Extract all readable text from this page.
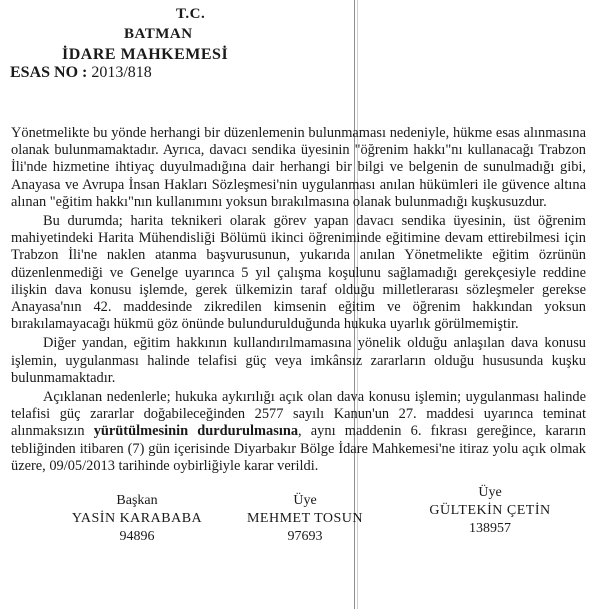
T.C.
BATMAN
İDARE MAHKEMESİ
ESAS NO : 2013/818

Yönetmelikte bu yönde herhangi bir düzenlemenin bulunmaması nedeniyle, hükme esas alınmasına olanak bulunmamaktadır. Ayrıca, davacı sendika üyesinin "öğrenim hakkı"nı kullanacağı Trabzon İli'nde hizmetine ihtiyaç duyulmadığına dair herhangi bir bilgi ve belgenin de sunulmadığı gibi, Anayasa ve Avrupa İnsan Hakları Sözleşmesi'nin uygulanması anılan hükümleri ile güvence altına alınan "eğitim hakkı"nın kullanımını yoksun bırakılmasına olanak bulunmadığı kuşkusuzdur.

Bu durumda; harita teknikeri olarak görev yapan davacı sendika üyesinin, üst öğrenim mahiyetindeki Harita Mühendisliği Bölümü ikinci öğreniminde eğitimine devam ettirebilmesi için Trabzon İli'ne naklen atanma başvurusunun, yukarıda anılan Yönetmelikte eğitim özrünün düzenlenmediği ve Genelge uyarınca 5 yıl çalışma koşulunu sağlamadığı gerekçesiyle reddine ilişkin dava konusu işlemde, gerek ülkemizin taraf olduğu milletlerarası sözleşmeler gerekse Anayasa'nın 42. maddesinde zikredilen kimsenin eğitim ve öğrenim hakkından yoksun bırakılamayacağı hükmü göz önünde bulundurulduğunda hukuka uyarlık görülmemiştir.

Diğer yandan, eğitim hakkının kullandırılmamasına yönelik olduğu anlaşılan dava konusu işlemin, uygulanması halinde telafisi güç veya imkânsız zararların olduğu hususunda kuşku bulunmamaktadır.

Açıklanan nedenlerle; hukuka aykırılığı açık olan dava konusu işlemin; uygulanması halinde telafisi güç zararlar doğabileceğinden 2577 sayılı Kanun'un 27. maddesi uyarınca teminat alınmaksızın yürütülmesinin durdurulmasına, aynı maddenin 6. fıkrası gereğince, kararın tebliğinden itibaren (7) gün içerisinde Diyarbakır Bölge İdare Mahkemesi'ne itiraz yolu açık olmak üzere, 09/05/2013 tarihinde oybirliğiyle karar verildi.

Başkan
YASİN KARABABA
94896
Üye
MEHMET TOSUN
97693
Üye
GÜLTEKİN ÇETİN
138957
